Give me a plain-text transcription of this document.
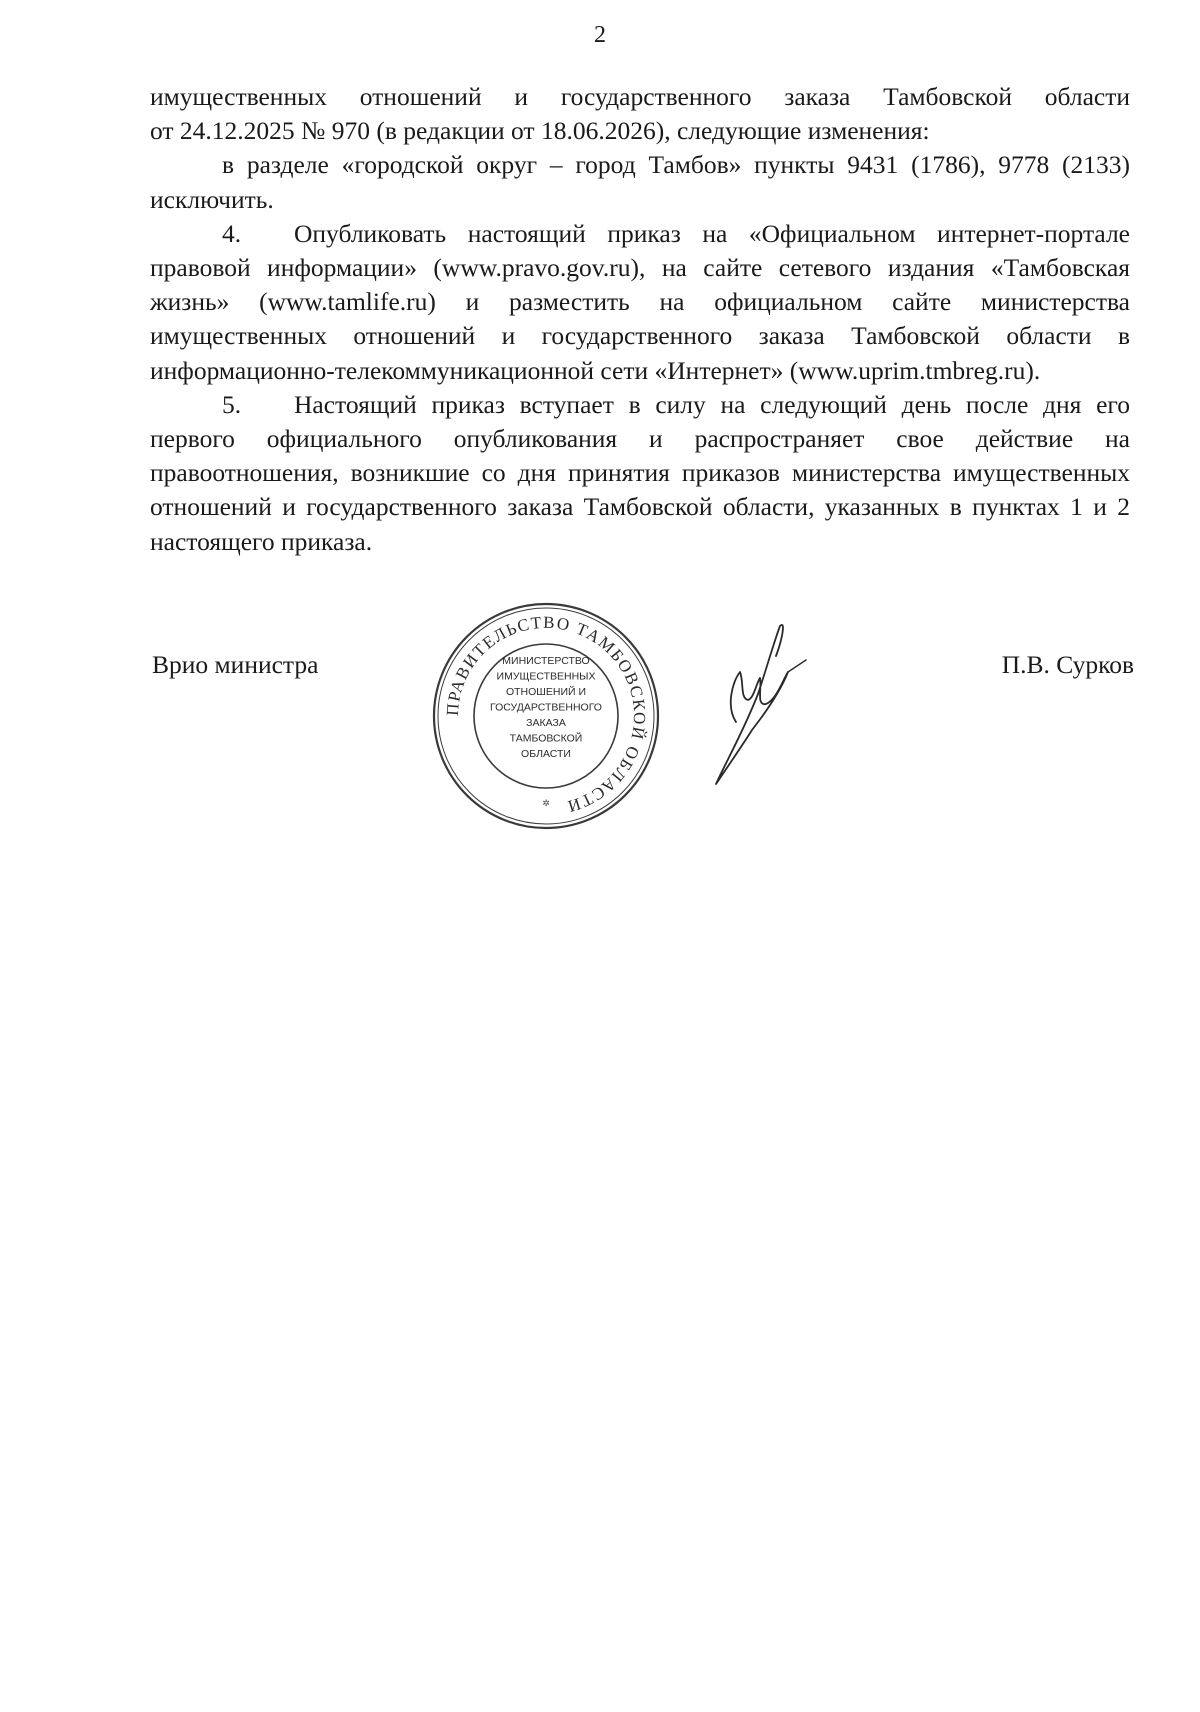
2

имущественных отношений и государственного заказа Тамбовской области

от 24.12.2025 № 970 (в редакции от 18.06.2026), следующие изменения:

в разделе «городской округ – город Тамбов» пункты 9431 (1786), 9778 (2133) исключить.

4. Опубликовать настоящий приказ на «Официальном интернет-портале правовой информации» (www.pravo.gov.ru), на сайте сетевого издания «Тамбовская жизнь» (www.tamlife.ru) и разместить на официальном сайте министерства имущественных отношений и государственного заказа Тамбовской области в информационно-телекоммуникационной сети «Интернет» (www.uprim.tmbreg.ru).

5. Настоящий приказ вступает в силу на следующий день после дня его первого официального опубликования и распространяет свое действие на правоотношения, возникшие со дня принятия приказов министерства имущественных отношений и государственного заказа Тамбовской области, указанных в пунктах 1 и 2 настоящего приказа.

Врио министра
ПРАВИТЕЛЬСТВО ТАМБОВСКОЙ ОБЛАСТИ
МИНИСТЕРСТВО
ИМУЩЕСТВЕННЫХ
ОТНОШЕНИЙ И
ГОСУДАРСТВЕННОГО
ЗАКАЗА
ТАМБОВСКОЙ
ОБЛАСТИ
✲
П.В. Сурков
